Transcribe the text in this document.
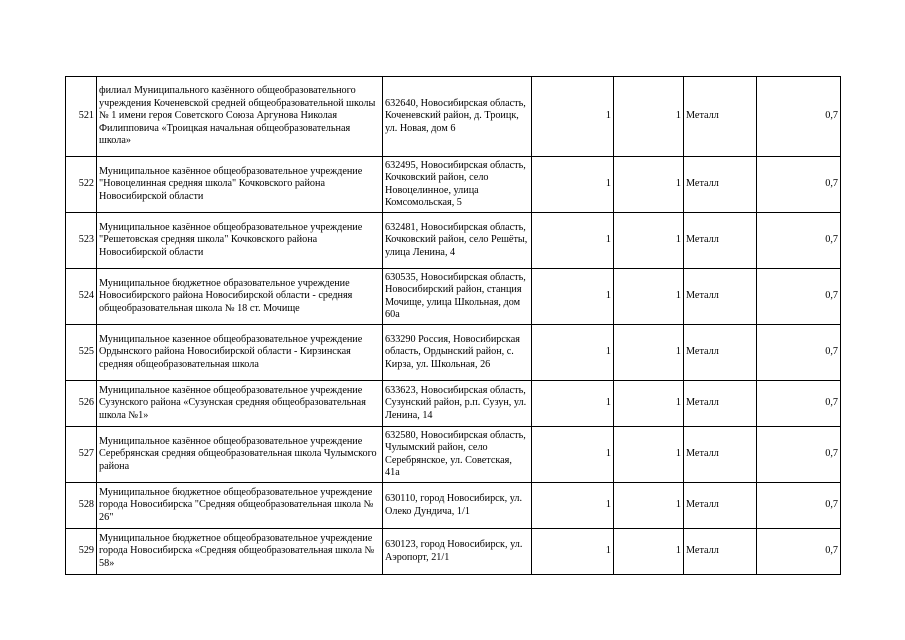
521	филиал Муниципального казённого общеобразовательного учреждения Коченевской средней общеобразовательной школы № 1 имени героя Советского Союза Аргунова Николая Филипповича «Троицкая начальная общеобразовательная школа»	632640, Новосибирская область, Коченевский район, д. Троицк, ул. Новая, дом 6	1	1	Металл	0,7

522	Муниципальное казённое общеобразовательное учреждение "Новоцелинная средняя школа" Кочковского района Новосибирской области	632495, Новосибирская область, Кочковский район, село Новоцелинное, улица Комсомольская, 5	1	1	Металл	0,7

523	Муниципальное казённое общеобразовательное учреждение "Решетовская средняя школа" Кочковского района Новосибирской области	632481, Новосибирская область, Кочковский район, село Решёты, улица Ленина, 4	1	1	Металл	0,7

524	Муниципальное бюджетное образовательное учреждение Новосибирского района Новосибирской области - средняя общеобразовательная школа № 18 ст. Мочище	630535, Новосибирская область, Новосибирский район, станция Мочище, улица Школьная, дом 60а	1	1	Металл	0,7

525	Муниципальное казенное общеобразовательное учреждение Ордынского района Новосибирской области - Кирзинская средняя общеобразовательная школа	633290 Россия, Новосибирская область, Ордынский район, с. Кирза, ул. Школьная, 26	1	1	Металл	0,7

526	Муниципальное казённое общеобразовательное учреждение Сузунского района «Сузунская средняя общеобразовательная школа №1»	633623, Новосибирская область, Сузунский район, р.п. Сузун, ул. Ленина, 14	1	1	Металл	0,7

527	Муниципальное казённое общеобразовательное учреждение Серебрянская средняя общеобразовательная школа Чулымского района	632580, Новосибирская область, Чулымский район, село Серебрянское, ул. Советская, 41а	1	1	Металл	0,7

528	Муниципальное бюджетное общеобразовательное учреждение города Новосибирска "Средняя общеобразовательная школа № 26"	630110, город Новосибирск, ул. Олеко Дундича, 1/1	1	1	Металл	0,7

529	Муниципальное бюджетное общеобразовательное учреждение города Новосибирска «Средняя общеобразовательная школа № 58»	630123, город Новосибирск, ул. Аэропорт, 21/1	1	1	Металл	0,7
